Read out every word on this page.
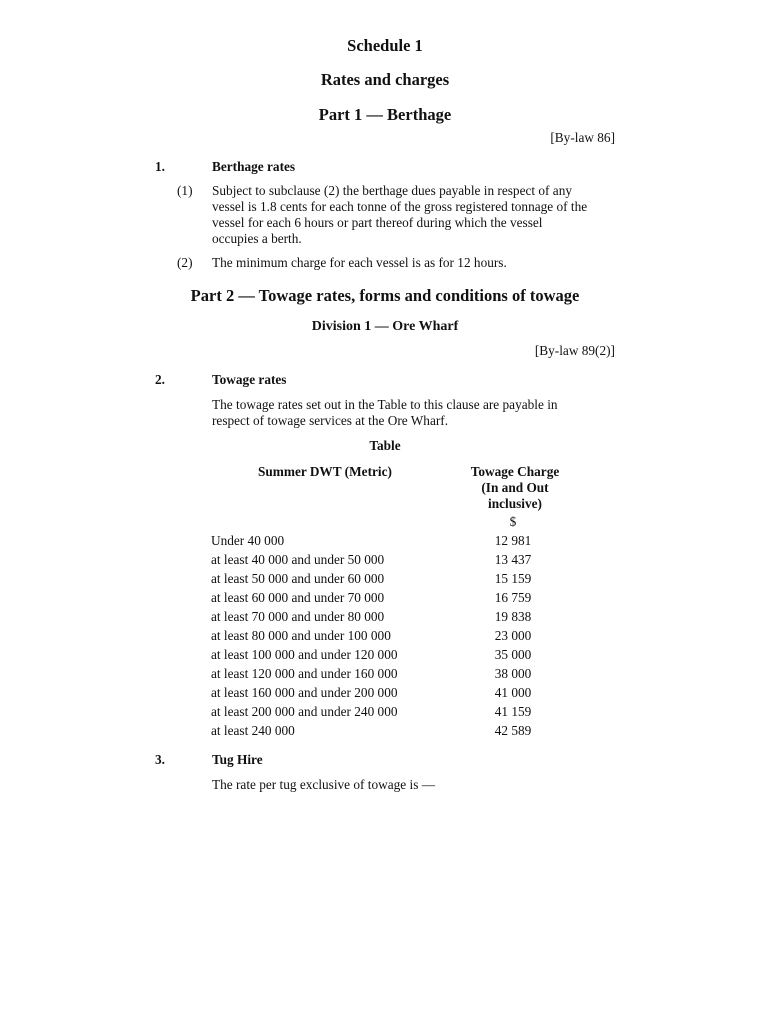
Schedule 1
Rates and charges
Part 1 — Berthage
[By-law 86]
1.	Berthage rates
(1) Subject to subclause (2) the berthage dues payable in respect of any
vessel is 1.8 cents for each tonne of the gross registered tonnage of the
vessel for each 6 hours or part thereof during which the vessel
occupies a berth.
(2) The minimum charge for each vessel is as for 12 hours.
Part 2 — Towage rates, forms and conditions of towage
Division 1 — Ore Wharf
[By-law 89(2)]
2.	Towage rates
The towage rates set out in the Table to this clause are payable in
respect of towage services at the Ore Wharf.
Table
Summer DWT (Metric)	Towage Charge
(In and Out
inclusive)
$
Under 40 000	12 981
at least 40 000 and under 50 000	13 437
at least 50 000 and under 60 000	15 159
at least 60 000 and under 70 000	16 759
at least 70 000 and under 80 000	19 838
at least 80 000 and under 100 000	23 000
at least 100 000 and under 120 000	35 000
at least 120 000 and under 160 000	38 000
at least 160 000 and under 200 000	41 000
at least 200 000 and under 240 000	41 159
at least 240 000	42 589
3.	Tug Hire
The rate per tug exclusive of towage is —
